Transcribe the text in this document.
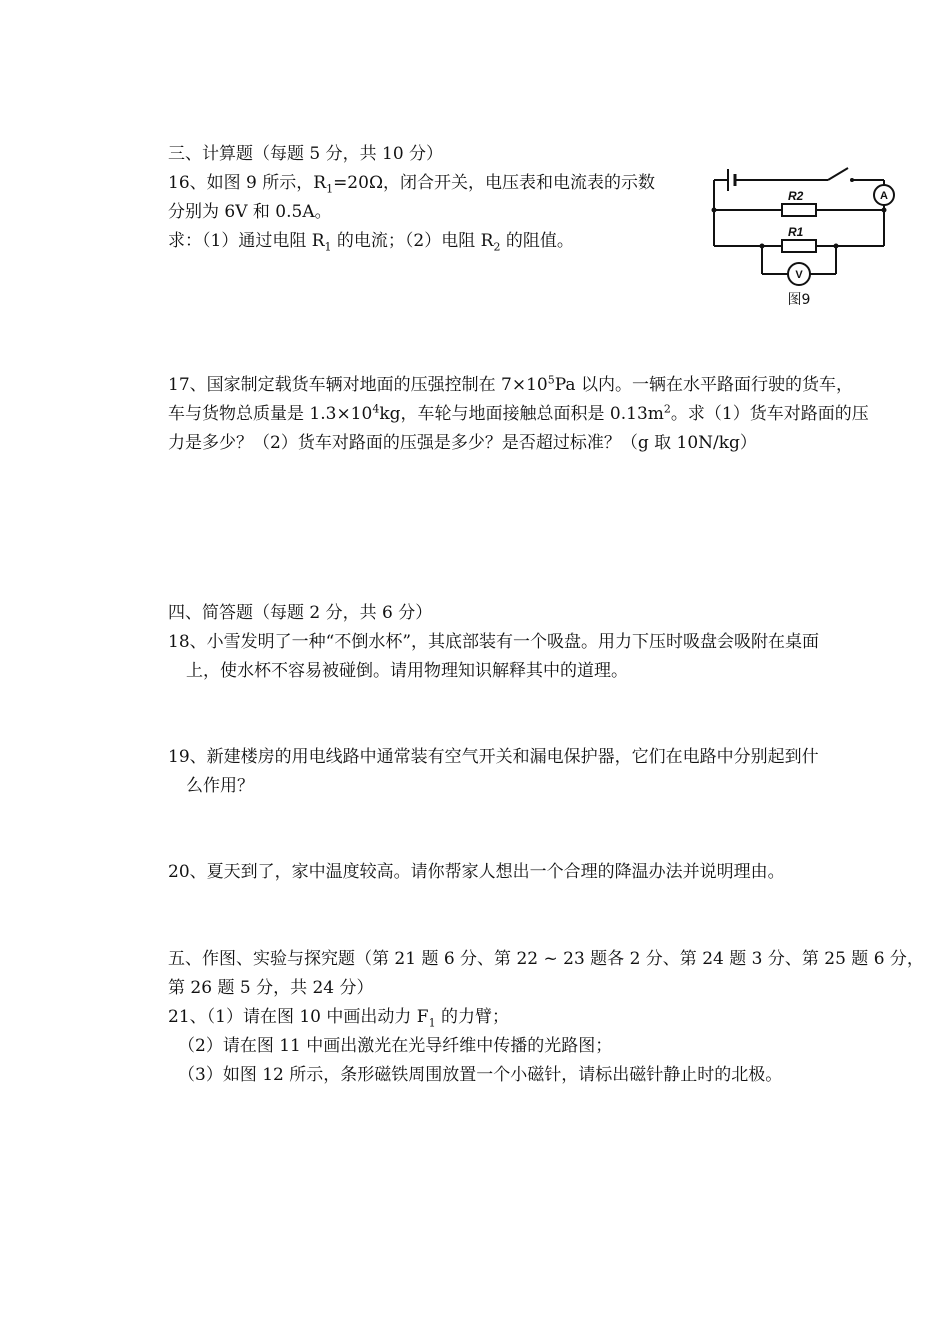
三、计算题（每题 5 分，共 10 分）
16、如图 9 所示，$R_1=20\Omega$，闭合开关，电压表和电流表的示数
分别为 6V 和 0.5A。
求：（1）通过电阻 $R_1$ 的电流；（2）电阻 $R_2$ 的阻值。
R2
R1
A
V
图9
17、国家制定载货车辆对地面的压强控制在 $7\times 10^5Pa$ 以内。一辆在水平路面行驶的货车，
车与货物总质量是 $1.3\times 10^4kg$，车轮与地面接触总面积是 $0.13m^2$。求（1）货车对路面的压
力是多少？（2）货车对路面的压强是多少？是否超过标准？（g 取 10N/kg）
四、简答题（每题 2 分，共 6 分）
18、小雪发明了一种“不倒水杯”，其底部装有一个吸盘。用力下压时吸盘会吸附在桌面
上，使水杯不容易被碰倒。请用物理知识解释其中的道理。
19、新建楼房的用电线路中通常装有空气开关和漏电保护器，它们在电路中分别起到什
么作用？
20、夏天到了，家中温度较高。请你帮家人想出一个合理的降温办法并说明理由。
五、作图、实验与探究题（第 21 题 6 分、第 22 ~ 23 题各 2 分、第 24 题 3 分、第 25 题 6 分，
第 26 题 5 分，共 24 分）
21、（1）请在图 10 中画出动力 $F_1$ 的力臂；
（2）请在图 11 中画出激光在光导纤维中传播的光路图；
（3）如图 12 所示，条形磁铁周围放置一个小磁针，请标出磁针静止时的北极。
